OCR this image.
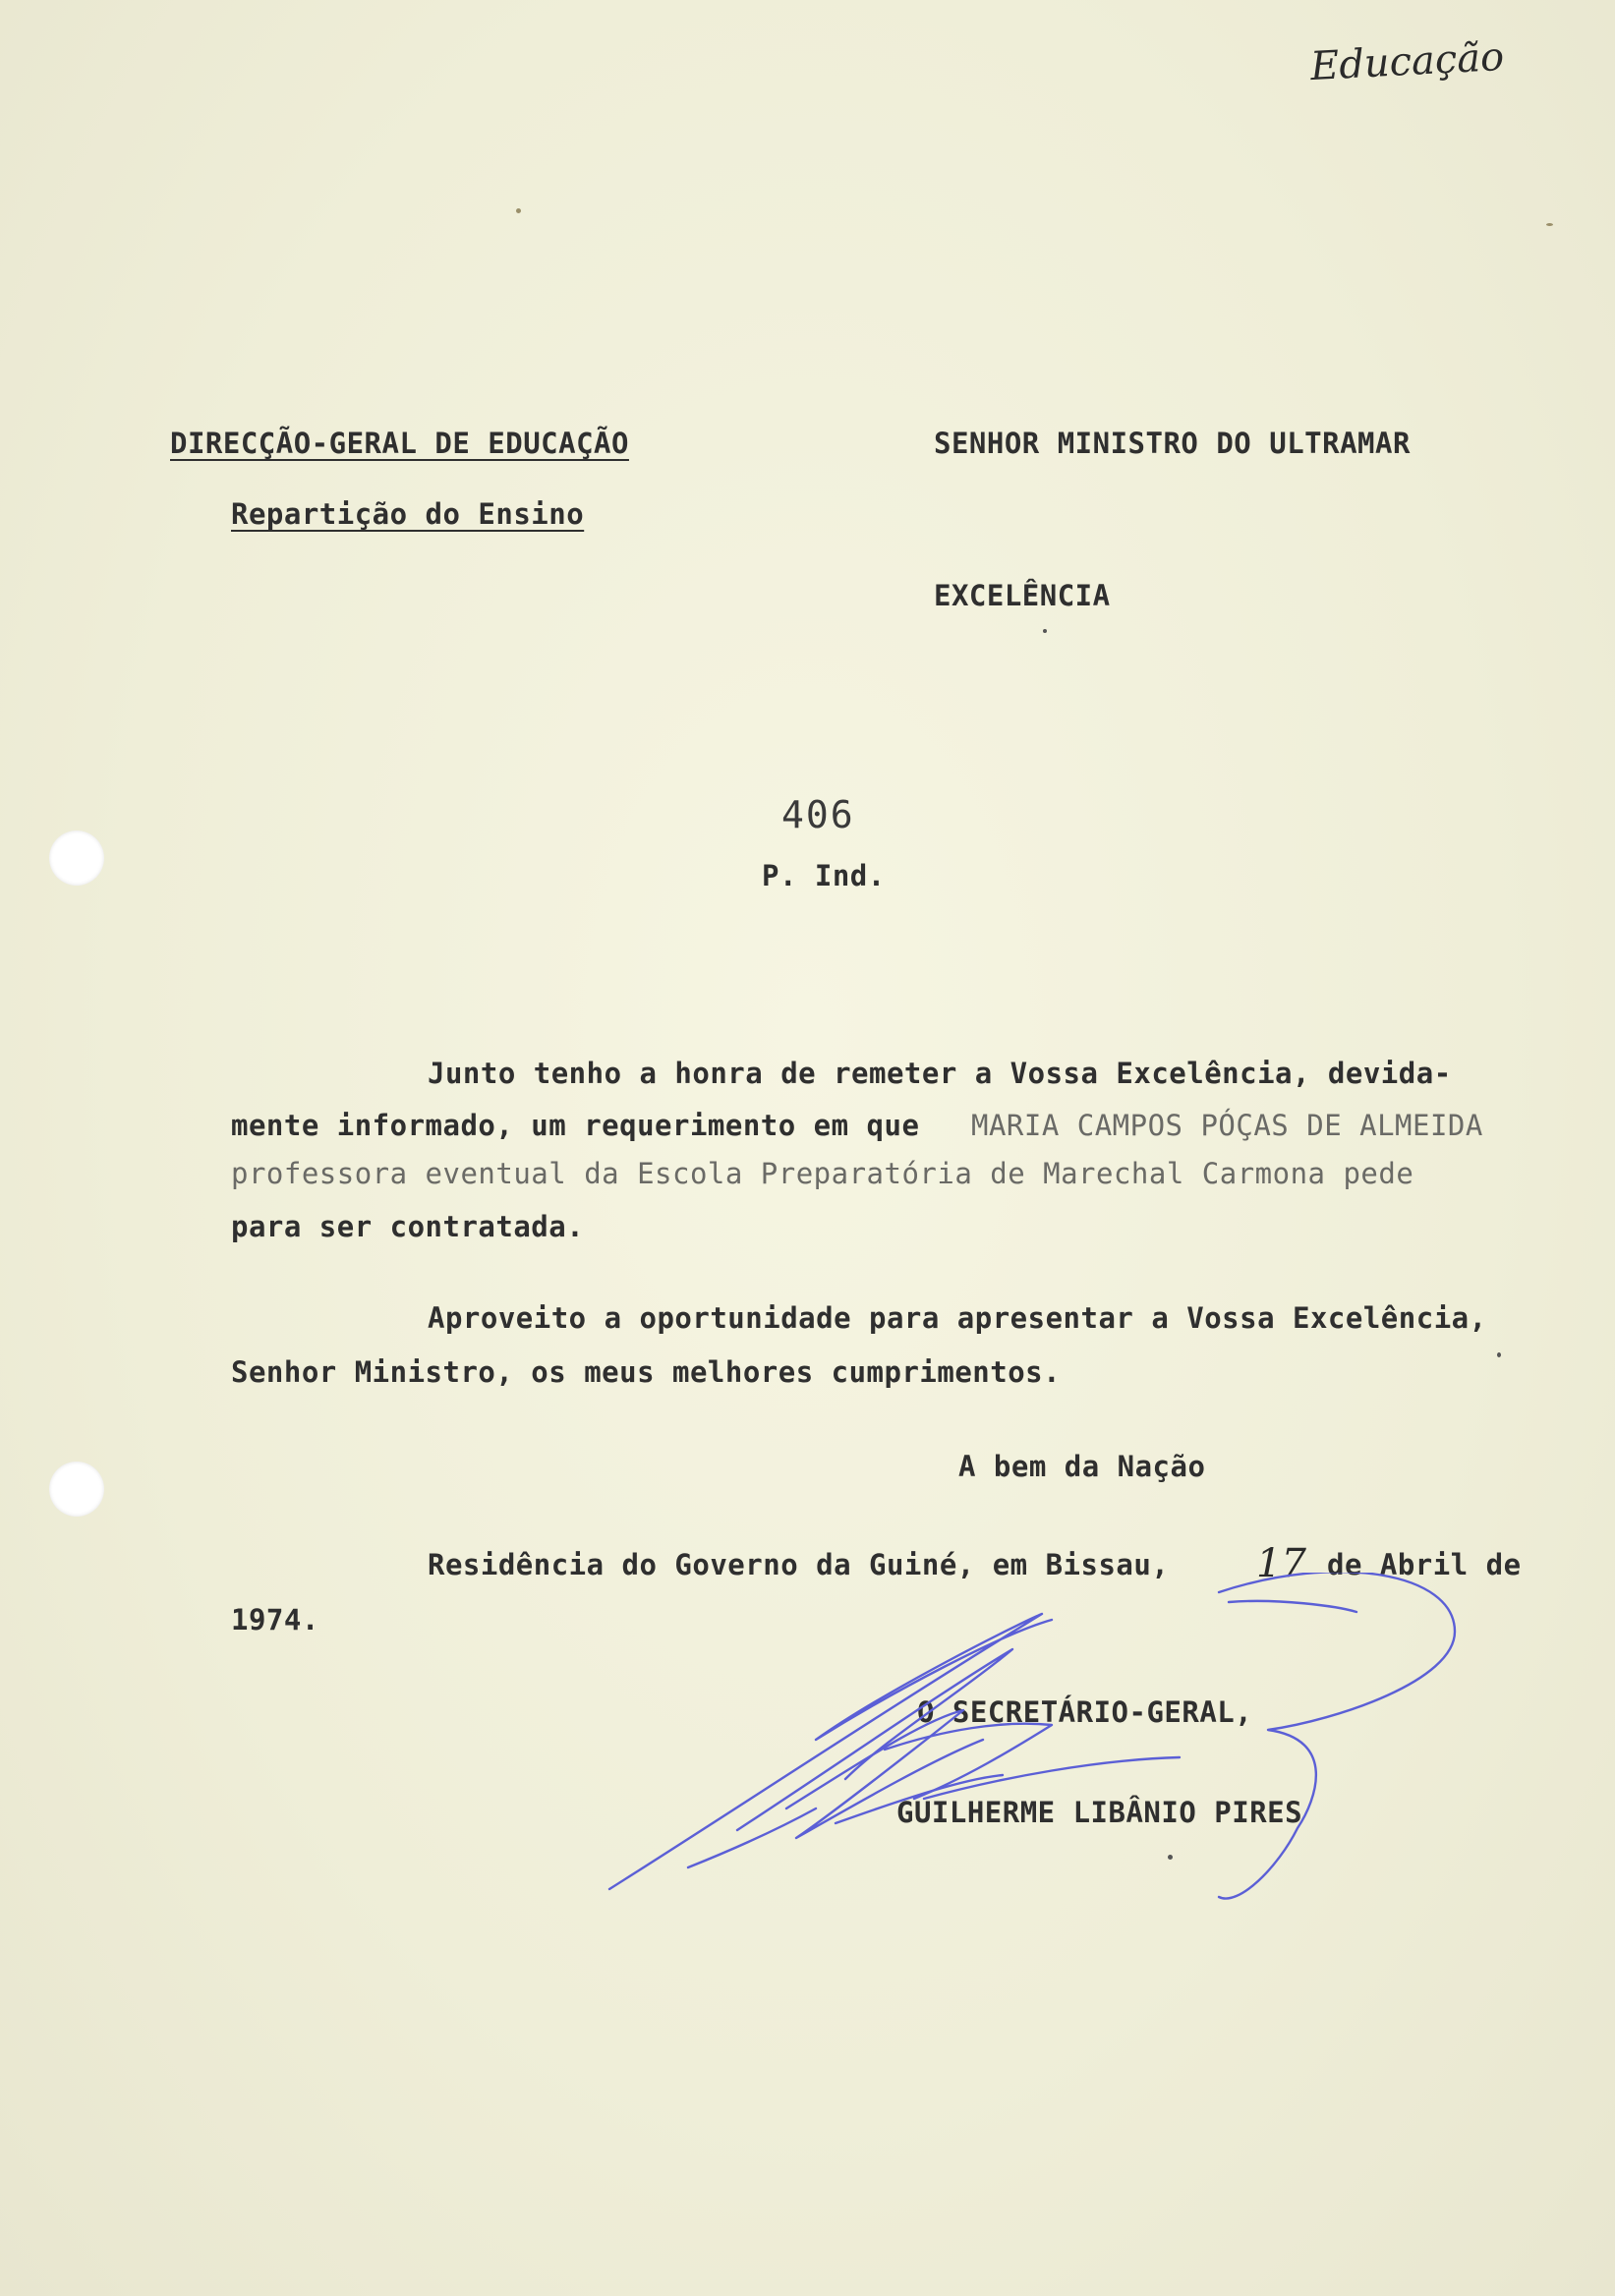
Educação
DIRECÇÃO-GERAL DE EDUCAÇÃO
Repartição do Ensino
SENHOR MINISTRO DO ULTRAMAR
EXCELÊNCIA
406
P. Ind.
Junto tenho a honra de remeter a Vossa Excelência, devida-
mente informado, um requerimento em que MARIA CAMPOS PÓÇAS DE ALMEIDA
professora eventual da Escola Preparatória de Marechal Carmona pede
para ser contratada.
Aproveito a oportunidade para apresentar a Vossa Excelência,
Senhor Ministro, os meus melhores cumprimentos.
A bem da Nação
Residência do Governo da Guiné, em Bissau, 17 de Abril de
1974.
O SECRETÁRIO-GERAL,
GUILHERME LIBÂNIO PIRES
